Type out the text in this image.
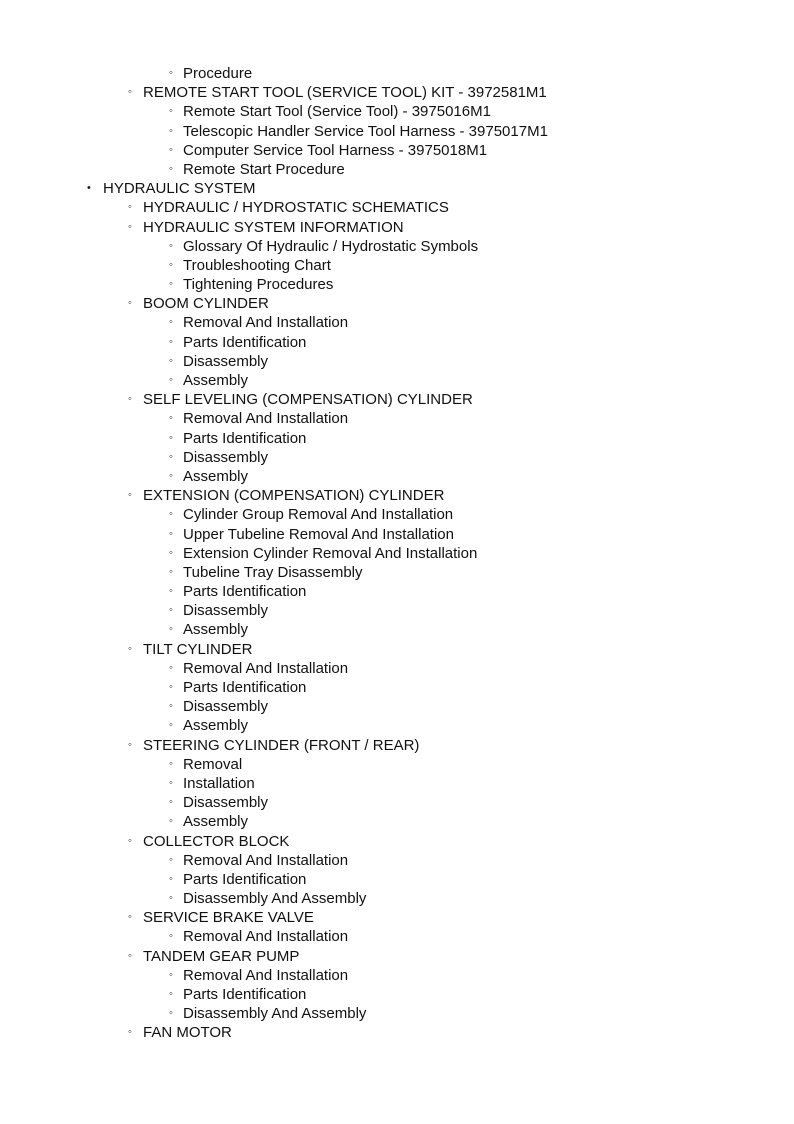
◦ Procedure
◦ REMOTE START TOOL (SERVICE TOOL) KIT - 3972581M1
◦ Remote Start Tool (Service Tool) - 3975016M1
◦ Telescopic Handler Service Tool Harness - 3975017M1
◦ Computer Service Tool Harness - 3975018M1
◦ Remote Start Procedure
• HYDRAULIC SYSTEM
◦ HYDRAULIC / HYDROSTATIC SCHEMATICS
◦ HYDRAULIC SYSTEM INFORMATION
◦ Glossary Of Hydraulic / Hydrostatic Symbols
◦ Troubleshooting Chart
◦ Tightening Procedures
◦ BOOM CYLINDER
◦ Removal And Installation
◦ Parts Identification
◦ Disassembly
◦ Assembly
◦ SELF LEVELING (COMPENSATION) CYLINDER
◦ Removal And Installation
◦ Parts Identification
◦ Disassembly
◦ Assembly
◦ EXTENSION (COMPENSATION) CYLINDER
◦ Cylinder Group Removal And Installation
◦ Upper Tubeline Removal And Installation
◦ Extension Cylinder Removal And Installation
◦ Tubeline Tray Disassembly
◦ Parts Identification
◦ Disassembly
◦ Assembly
◦ TILT CYLINDER
◦ Removal And Installation
◦ Parts Identification
◦ Disassembly
◦ Assembly
◦ STEERING CYLINDER (FRONT / REAR)
◦ Removal
◦ Installation
◦ Disassembly
◦ Assembly
◦ COLLECTOR BLOCK
◦ Removal And Installation
◦ Parts Identification
◦ Disassembly And Assembly
◦ SERVICE BRAKE VALVE
◦ Removal And Installation
◦ TANDEM GEAR PUMP
◦ Removal And Installation
◦ Parts Identification
◦ Disassembly And Assembly
◦ FAN MOTOR
